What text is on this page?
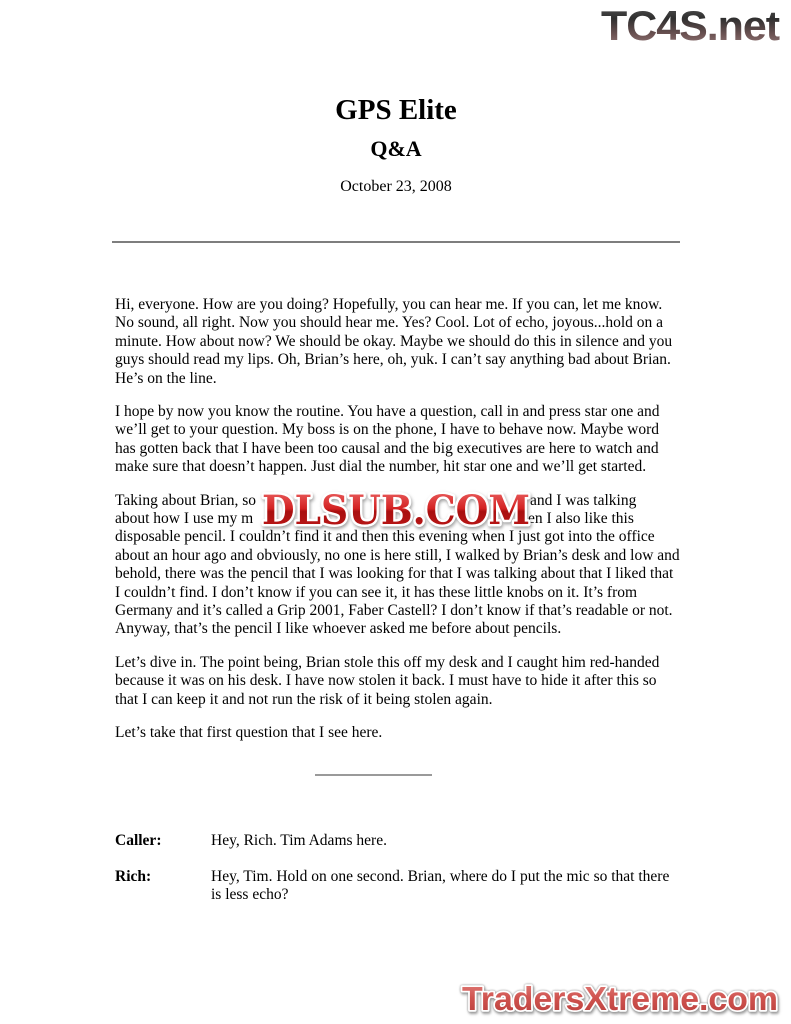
TC4S.net
GPS Elite
Q&A
October 23, 2008

Hi, everyone. How are you doing? Hopefully, you can hear me. If you can, let me know. No sound, all right. Now you should hear me. Yes? Cool. Lot of echo, joyous...hold on a minute. How about now? We should be okay. Maybe we should do this in silence and you guys should read my lips. Oh, Brian’s here, oh, yuk. I can’t say anything bad about Brian. He’s on the line.

I hope by now you know the routine. You have a question, call in and press star one and we’ll get to your question. My boss is on the phone, I have to behave now. Maybe word has gotten back that I have been too causal and the big executives are here to watch and make sure that doesn’t happen. Just dial the number, hit star one and we’ll get started.

Taking about Brian, so	and I was talking
about how I use my m	en I also like this

disposable pencil. I couldn’t find it and then this evening when I just got into the office about an hour ago and obviously, no one is here still, I walked by Brian’s desk and low and behold, there was the pencil that I was looking for that I was talking about that I liked that I couldn’t find. I don’t know if you can see it, it has these little knobs on it. It’s from Germany and it’s called a Grip 2001, Faber Castell? I don’t know if that’s readable or not. Anyway, that’s the pencil I like whoever asked me before about pencils.

Let’s dive in. The point being, Brian stole this off my desk and I caught him red-handed because it was on his desk. I have now stolen it back. I must have to hide it after this so that I can keep it and not run the risk of it being stolen again.

Let’s take that first question that I see here.

DLSUB.COM
Caller:	Hey, Rich. Tim Adams here.
Rich:	Hey, Tim. Hold on one second. Brian, where do I put the mic so that there
is less echo?
TradersXtreme.com
